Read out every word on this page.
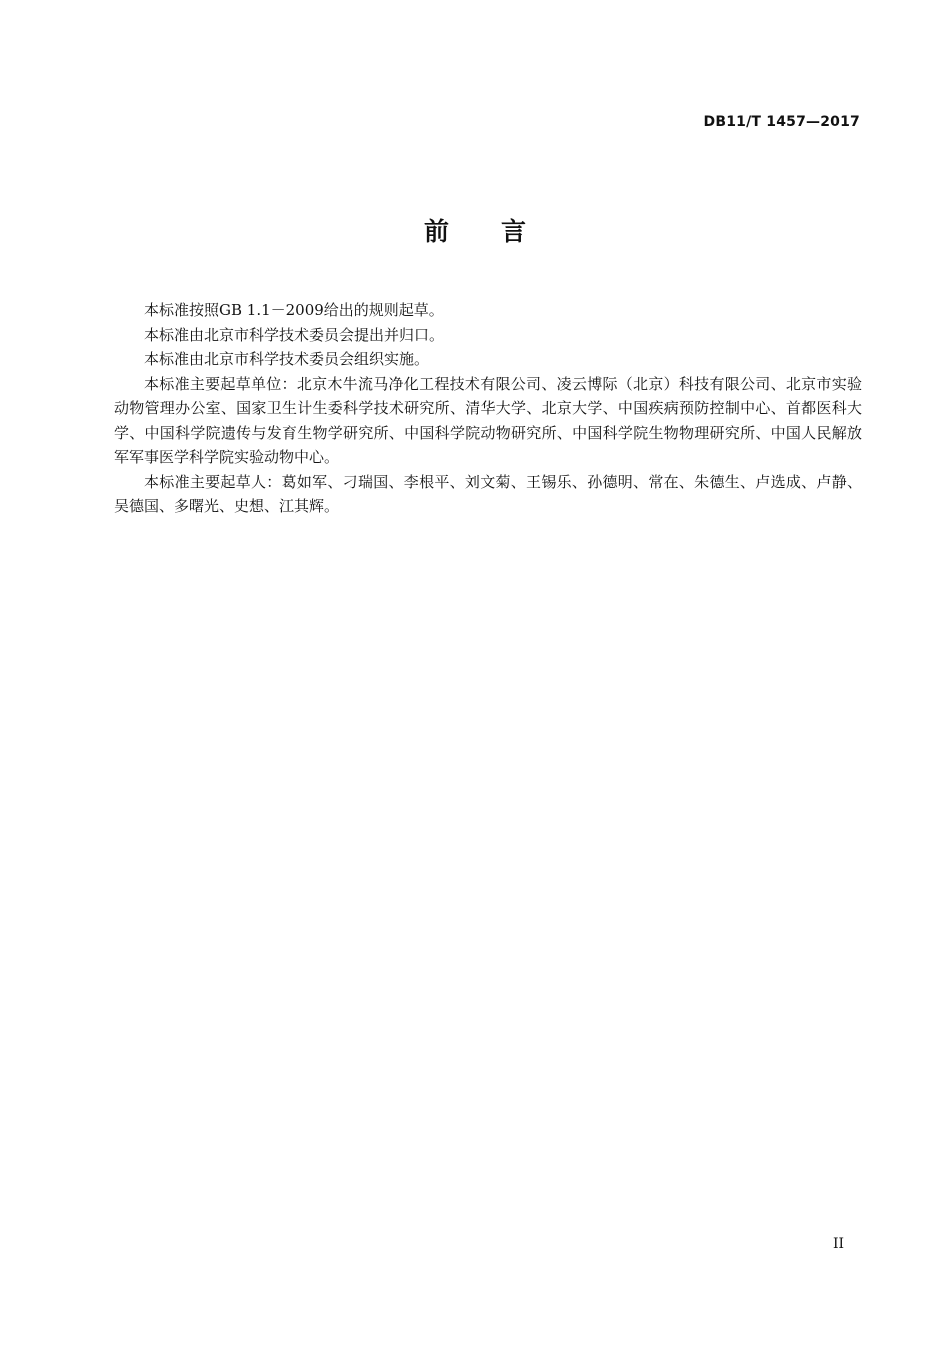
DB11/T 1457—2017
前 言

本标准按照GB 1.1－2009给出的规则起草。

本标准由北京市科学技术委员会提出并归口。

本标准由北京市科学技术委员会组织实施。

本标准主要起草单位：北京木牛流马净化工程技术有限公司、凌云博际（北京）科技有限公司、北京市实验动物管理办公室、国家卫生计生委科学技术研究所、清华大学、北京大学、中国疾病预防控制中心、首都医科大学、中国科学院遗传与发育生物学研究所、中国科学院动物研究所、中国科学院生物物理研究所、中国人民解放军军事医学科学院实验动物中心。

本标准主要起草人：葛如军、刁瑞国、李根平、刘文菊、王锡乐、孙德明、常在、朱德生、卢选成、卢静、吴德国、多曙光、史想、江其辉。

II
